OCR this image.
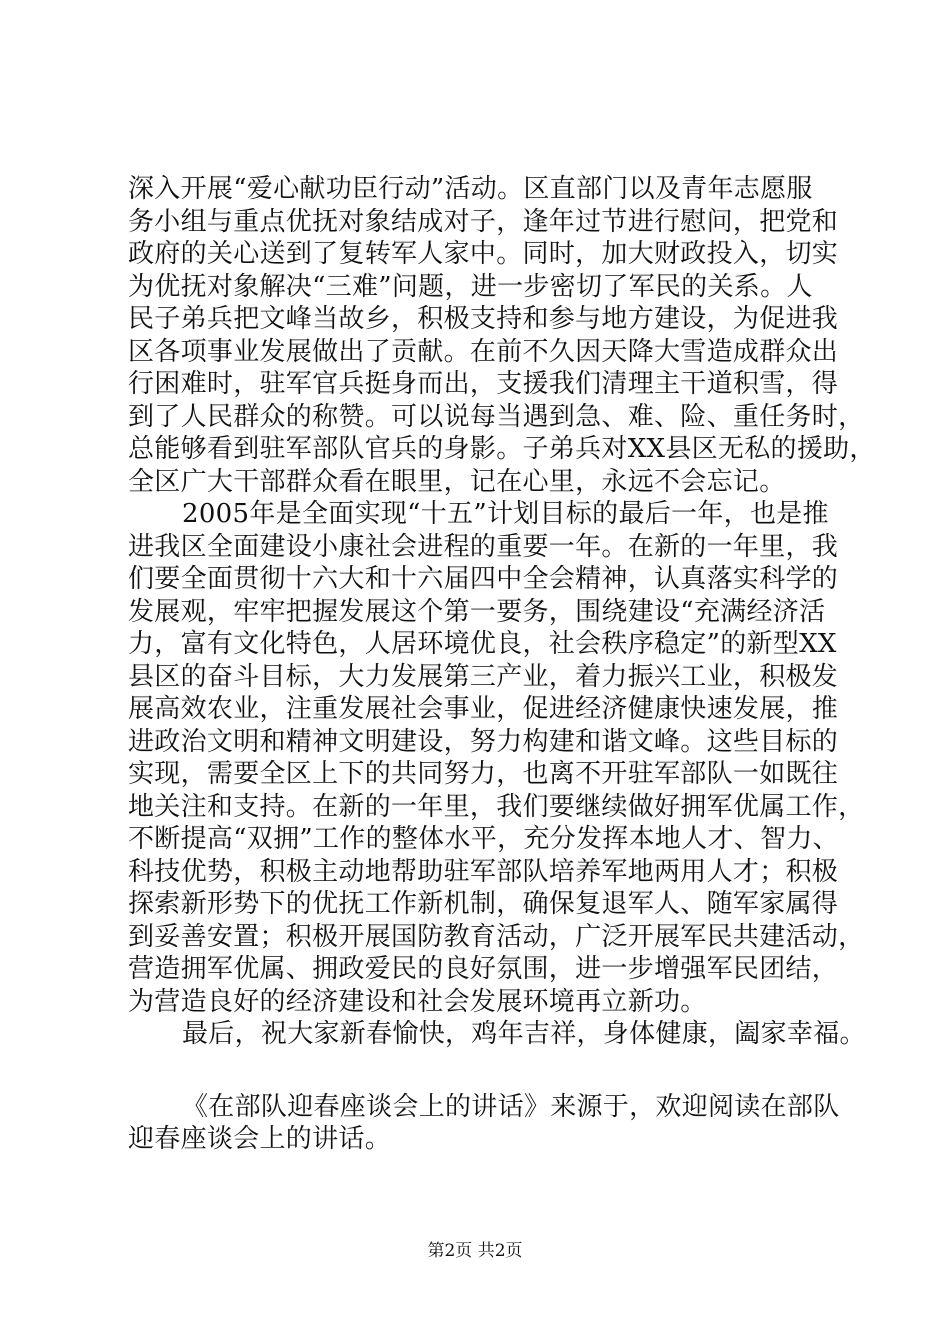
深入开展“爱心献功臣行动”活动。区直部门以及青年志愿服
务小组与重点优抚对象结成对子，逢年过节进行慰问，把党和
政府的关心送到了复转军人家中。同时，加大财政投入，切实
为优抚对象解决“三难”问题，进一步密切了军民的关系。人
民子弟兵把文峰当故乡，积极支持和参与地方建设，为促进我
区各项事业发展做出了贡献。在前不久因天降大雪造成群众出
行困难时，驻军官兵挺身而出，支援我们清理主干道积雪，得
到了人民群众的称赞。可以说每当遇到急、难、险、重任务时，
总能够看到驻军部队官兵的身影。子弟兵对XX县区无私的援助，
全区广大干部群众看在眼里，记在心里，永远不会忘记。
2005年是全面实现“十五”计划目标的最后一年，也是推
进我区全面建设小康社会进程的重要一年。在新的一年里，我
们要全面贯彻十六大和十六届四中全会精神，认真落实科学的
发展观，牢牢把握发展这个第一要务，围绕建设“充满经济活
力，富有文化特色，人居环境优良，社会秩序稳定”的新型XX
县区的奋斗目标，大力发展第三产业，着力振兴工业，积极发
展高效农业，注重发展社会事业，促进经济健康快速发展，推
进政治文明和精神文明建设，努力构建和谐文峰。这些目标的
实现，需要全区上下的共同努力，也离不开驻军部队一如既往
地关注和支持。在新的一年里，我们要继续做好拥军优属工作，
不断提高“双拥”工作的整体水平，充分发挥本地人才、智力、
科技优势，积极主动地帮助驻军部队培养军地两用人才；积极
探索新形势下的优抚工作新机制，确保复退军人、随军家属得
到妥善安置；积极开展国防教育活动，广泛开展军民共建活动，
营造拥军优属、拥政爱民的良好氛围，进一步增强军民团结，
为营造良好的经济建设和社会发展环境再立新功。
最后，祝大家新春愉快，鸡年吉祥，身体健康，阖家幸福。
《在部队迎春座谈会上的讲话》来源于，欢迎阅读在部队
迎春座谈会上的讲话。
第2页 共2页
